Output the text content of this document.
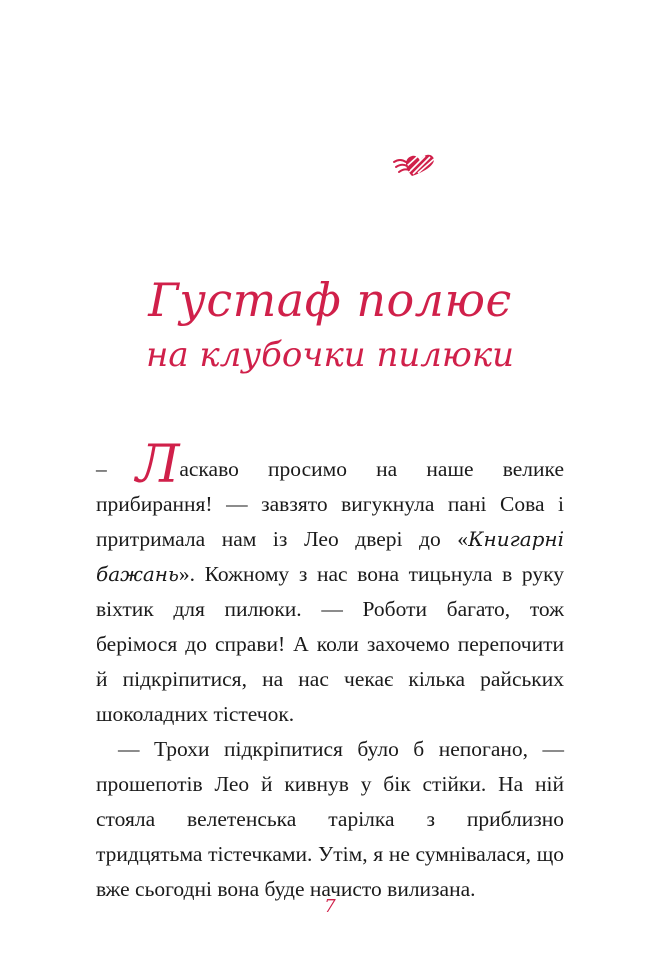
Густаф полює
на клубочки пилюки

– Ласкаво просимо на наше велике прибирання! — завзято вигукнула пані Сова і притримала нам із Лео двері до «Книгарні бажань». Кожному з нас вона тицьнула в руку віхтик для пилюки. — Роботи багато, тож берімося до справи! А коли захочемо перепочити й підкріпитися, на нас чекає кілька райських шоколадних тістечок.

— Трохи підкріпитися було б непогано, — прошепотів Лео й кивнув у бік стійки. На ній стояла велетенська тарілка з приблизно тридцятьма тістечками. Утім, я не сумнівалася, що вже сьогодні вона буде начисто вилизана.

7
